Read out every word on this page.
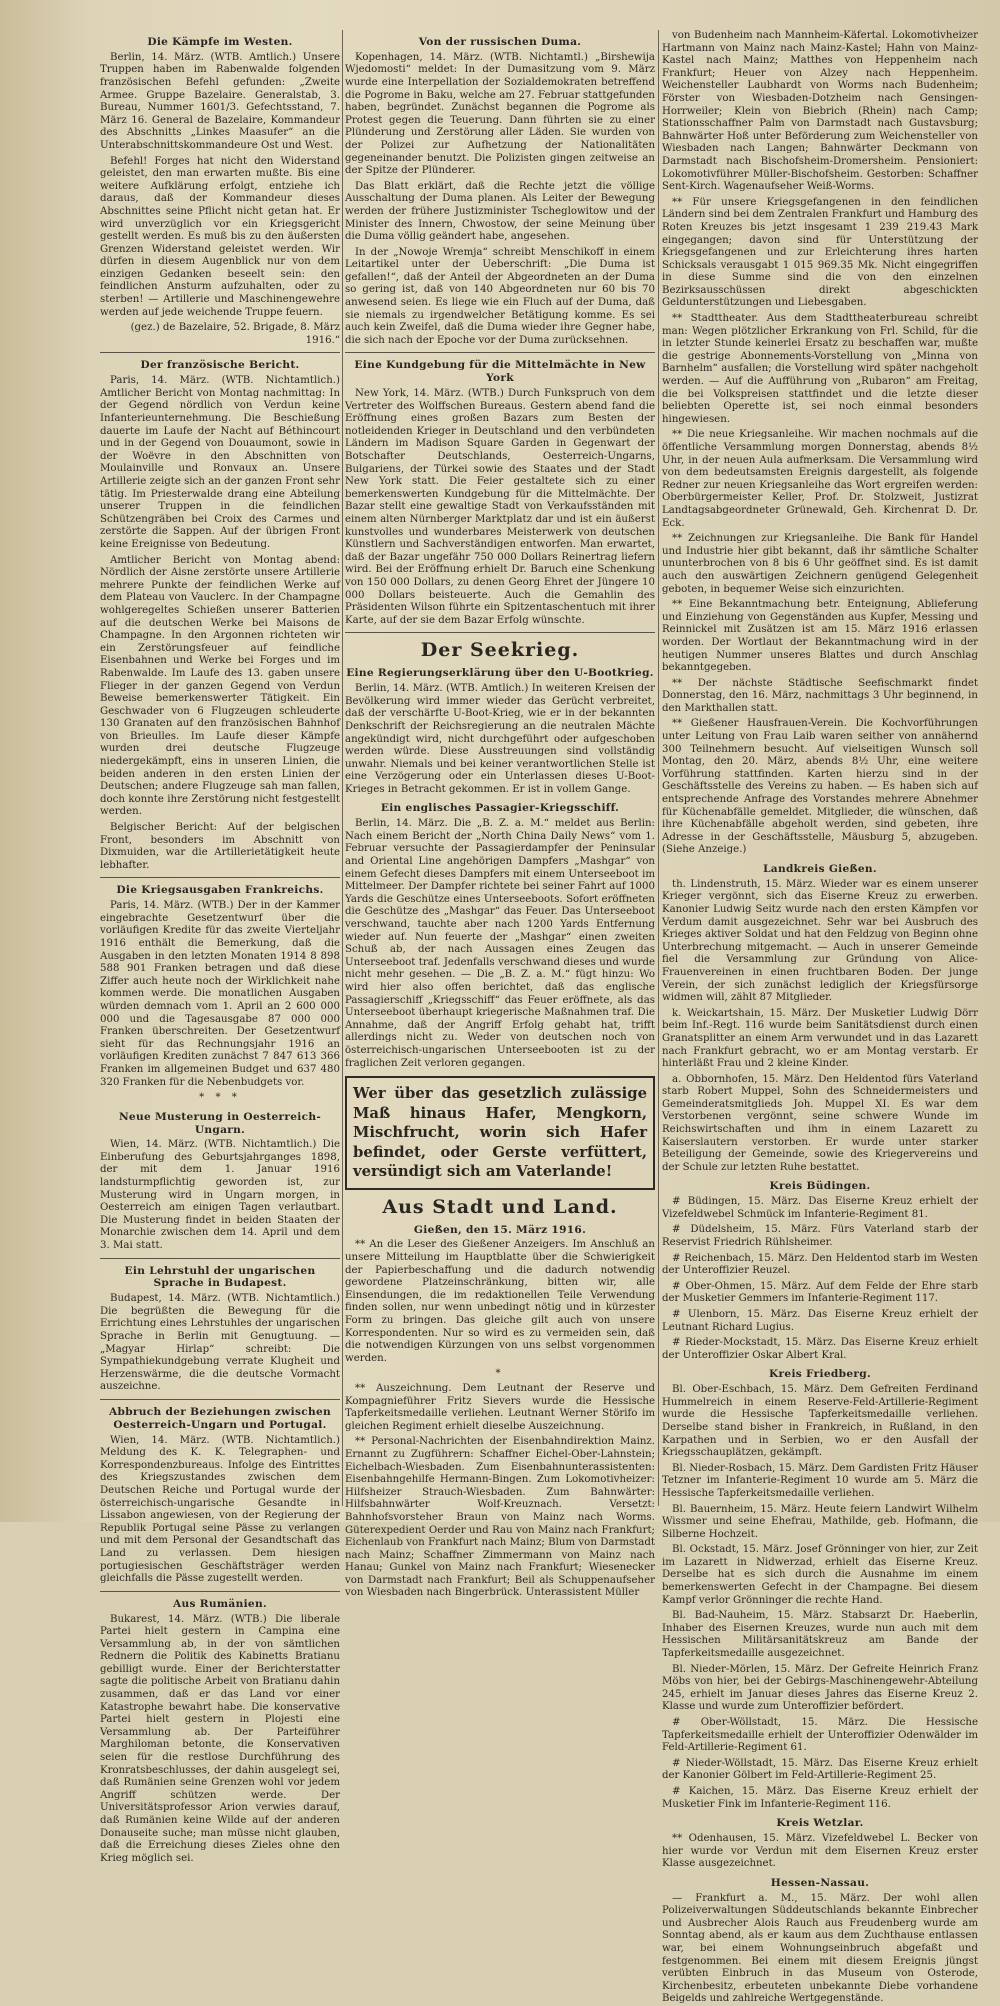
Die Kämpfe im Westen.

Berlin, 14. März. (WTB. Amtlich.) Unsere Truppen haben im Rabenwalde folgenden französischen Befehl gefunden: „Zweite Armee. Gruppe Bazelaire. Generalstab, 3. Bureau, Nummer 1601/3. Gefechtsstand, 7. März 16. General de Bazelaire, Kommandeur des Abschnitts „Linkes Maasufer“ an die Unterabschnittskommandeure Ost und West.

Befehl! Forges hat nicht den Widerstand geleistet, den man erwarten mußte. Bis eine weitere Aufklärung erfolgt, entziehe ich daraus, daß der Kommandeur dieses Abschnittes seine Pflicht nicht getan hat. Er wird unverzüglich vor ein Kriegsgericht gestellt werden. Es muß bis zu den äußersten Grenzen Widerstand geleistet werden. Wir dürfen in diesem Augenblick nur von dem einzigen Gedanken beseelt sein: den feindlichen Ansturm aufzuhalten, oder zu sterben! — Artillerie und Maschinengewehre werden auf jede weichende Truppe feuern.

(gez.) de Bazelaire, 52. Brigade, 8. März 1916.“
Der französische Bericht.

Paris, 14. März. (WTB. Nichtamtlich.) Amtlicher Bericht von Montag nachmittag: In der Gegend nördlich von Verdun keine Infanterieunternehmung. Die Beschießung dauerte im Laufe der Nacht auf Béthincourt und in der Gegend von Douaumont, sowie in der Woëvre in den Abschnitten von Moulainville und Ronvaux an. Unsere Artillerie zeigte sich an der ganzen Front sehr tätig. Im Priesterwalde drang eine Abteilung unserer Truppen in die feindlichen Schützengräben bei Croix des Carmes und zerstörte die Sappen. Auf der übrigen Front keine Ereignisse von Bedeutung.

Amtlicher Bericht von Montag abend: Nördlich der Aisne zerstörte unsere Artillerie mehrere Punkte der feindlichen Werke auf dem Plateau von Vauclerc. In der Champagne wohlgeregeltes Schießen unserer Batterien auf die deutschen Werke bei Maisons de Champagne. In den Argonnen richteten wir ein Zerstörungsfeuer auf feindliche Eisenbahnen und Werke bei Forges und im Rabenwalde. Im Laufe des 13. gaben unsere Flieger in der ganzen Gegend von Verdun Beweise bemerkenswerter Tätigkeit. Ein Geschwader von 6 Flugzeugen schleuderte 130 Granaten auf den französischen Bahnhof von Brieulles. Im Laufe dieser Kämpfe wurden drei deutsche Flugzeuge niedergekämpft, eins in unseren Linien, die beiden anderen in den ersten Linien der Deutschen; andere Flugzeuge sah man fallen, doch konnte ihre Zerstörung nicht festgestellt werden.

Belgischer Bericht: Auf der belgischen Front, besonders im Abschnitt von Dixmuiden, war die Artillerietätigkeit heute lebhafter.

Die Kriegsausgaben Frankreichs.

Paris, 14. März. (WTB.) Der in der Kammer eingebrachte Gesetzentwurf über die vorläufigen Kredite für das zweite Vierteljahr 1916 enthält die Bemerkung, daß die Ausgaben in den letzten Monaten 1914 8 898 588 901 Franken betragen und daß diese Ziffer auch heute noch der Wirklichkeit nahe kommen werde. Die monatlichen Ausgaben würden demnach vom 1. April an 2 600 000 000 und die Tagesausgabe 87 000 000 Franken überschreiten. Der Gesetzentwurf sieht für das Rechnungsjahr 1916 an vorläufigen Krediten zunächst 7 847 613 366 Franken im allgemeinen Budget und 637 480 320 Franken für die Nebenbudgets vor.

* * *
Neue Musterung in Oesterreich-Ungarn.

Wien, 14. März. (WTB. Nichtamtlich.) Die Einberufung des Geburtsjahrganges 1898, der mit dem 1. Januar 1916 landsturmpflichtig geworden ist, zur Musterung wird in Ungarn morgen, in Oesterreich am einigen Tagen verlautbart. Die Musterung findet in beiden Staaten der Monarchie zwischen dem 14. April und dem 3. Mai statt.

Ein Lehrstuhl der ungarischen Sprache in Budapest.

Budapest, 14. März. (WTB. Nichtamtlich.) Die begrüßten die Bewegung für die Errichtung eines Lehrstuhles der ungarischen Sprache in Berlin mit Genugtuung. — „Magyar Hirlap“ schreibt: Die Sympathiekundgebung verrate Klugheit und Herzenswärme, die die deutsche Vormacht auszeichne.

Abbruch der Beziehungen zwischen Oesterreich-Ungarn und Portugal.

Wien, 14. März. (WTB. Nichtamtlich.) Meldung des K. K. Telegraphen- und Korrespondenzbureaus. Infolge des Eintrittes des Kriegszustandes zwischen dem Deutschen Reiche und Portugal wurde der österreichisch-ungarische Gesandte in Lissabon angewiesen, von der Regierung der Republik Portugal seine Pässe zu verlangen und mit dem Personal der Gesandtschaft das Land zu verlassen. Dem hiesigen portugiesischen Geschäftsträger werden gleichfalls die Pässe zugestellt werden.

Aus Rumänien.

Bukarest, 14. März. (WTB.) Die liberale Partei hielt gestern in Campina eine Versammlung ab, in der von sämtlichen Rednern die Politik des Kabinetts Bratianu gebilligt wurde. Einer der Berichterstatter sagte die politische Arbeit von Bratianu dahin zusammen, daß er das Land vor einer Katastrophe bewahrt habe. Die konservative Partei hielt gestern in Plojesti eine Versammlung ab. Der Parteiführer Marghiloman betonte, die Konservativen seien für die restlose Durchführung des Kronratsbeschlusses, der dahin ausgelegt sei, daß Rumänien seine Grenzen wohl vor jedem Angriff schützen werde. Der Universitätsprofessor Arion verwies darauf, daß Rumänien keine Wilde auf der anderen Donauseite suche; man müsse nicht glauben, daß die Erreichung dieses Zieles ohne den Krieg möglich sei.

Von der russischen Duma.

Kopenhagen, 14. März. (WTB. Nichtamtl.) „Birshewija Wjedomosti“ meldet: In der Dumasitzung vom 9. März wurde eine Interpellation der Sozialdemokraten betreffend die Pogrome in Baku, welche am 27. Februar stattgefunden haben, begründet. Zunächst begannen die Pogrome als Protest gegen die Teuerung. Dann führten sie zu einer Plünderung und Zerstörung aller Läden. Sie wurden von der Polizei zur Aufhetzung der Nationalitäten gegeneinander benutzt. Die Polizisten gingen zeitweise an der Spitze der Plünderer.

Das Blatt erklärt, daß die Rechte jetzt die völlige Ausschaltung der Duma planen. Als Leiter der Bewegung werden der frühere Justizminister Tscheglowitow und der Minister des Innern, Chwostow, der seine Meinung über die Duma völlig geändert habe, angesehen.

In der „Nowoje Wremja“ schreibt Menschikoff in einem Leitartikel unter der Ueberschrift: „Die Duma ist gefallen!“, daß der Anteil der Abgeordneten an der Duma so gering ist, daß von 140 Abgeordneten nur 60 bis 70 anwesend seien. Es liege wie ein Fluch auf der Duma, daß sie niemals zu irgendwelcher Betätigung komme. Es sei auch kein Zweifel, daß die Duma wieder ihre Gegner habe, die sich nach der Epoche vor der Duma zurücksehnen.

Eine Kundgebung für die Mittelmächte in New York

New York, 14. März. (WTB.) Durch Funkspruch von dem Vertreter des Wolffschen Bureaus. Gestern abend fand die Eröffnung eines großen Bazars zum Besten der notleidenden Krieger in Deutschland und den verbündeten Ländern im Madison Square Garden in Gegenwart der Botschafter Deutschlands, Oesterreich-Ungarns, Bulgariens, der Türkei sowie des Staates und der Stadt New York statt. Die Feier gestaltete sich zu einer bemerkenswerten Kundgebung für die Mittelmächte. Der Bazar stellt eine gewaltige Stadt von Verkaufsständen mit einem alten Nürnberger Marktplatz dar und ist ein äußerst kunstvolles und wunderbares Meisterwerk von deutschen Künstlern und Sachverständigen entworfen. Man erwartet, daß der Bazar ungefähr 750 000 Dollars Reinertrag liefern wird. Bei der Eröffnung erhielt Dr. Baruch eine Schenkung von 150 000 Dollars, zu denen Georg Ehret der Jüngere 10 000 Dollars beisteuerte. Auch die Gemahlin des Präsidenten Wilson führte ein Spitzentaschentuch mit ihrer Karte, auf der sie dem Bazar Erfolg wünschte.

Der Seekrieg.
Eine Regierungserklärung über den U-Bootkrieg.

Berlin, 14. März. (WTB. Amtlich.) In weiteren Kreisen der Bevölkerung wird immer wieder das Gerücht verbreitet, daß der verschärfte U-Boot-Krieg, wie er in der bekannten Denkschrift der Reichsregierung an die neutralen Mächte angekündigt wird, nicht durchgeführt oder aufgeschoben werden würde. Diese Ausstreuungen sind vollständig unwahr. Niemals und bei keiner verantwortlichen Stelle ist eine Verzögerung oder ein Unterlassen dieses U-Boot-Krieges in Betracht gekommen. Er ist in vollem Gange.

Ein englisches Passagier-Kriegsschiff.

Berlin, 14. März. Die „B. Z. a. M.“ meldet aus Berlin: Nach einem Bericht der „North China Daily News“ vom 1. Februar versuchte der Passagierdampfer der Peninsular and Oriental Line angehörigen Dampfers „Mashgar“ von einem Gefecht dieses Dampfers mit einem Unterseeboot im Mittelmeer. Der Dampfer richtete bei seiner Fahrt auf 1000 Yards die Geschütze eines Unterseeboots. Sofort eröffneten die Geschütze des „Mashgar“ das Feuer. Das Unterseeboot verschwand, tauchte aber nach 1200 Yards Entfernung wieder auf. Nun feuerte der „Mashgar“ einen zweiten Schuß ab, der nach Aussagen eines Zeugen das Unterseeboot traf. Jedenfalls verschwand dieses und wurde nicht mehr gesehen. — Die „B. Z. a. M.“ fügt hinzu: Wo wird hier also offen berichtet, daß das englische Passagierschiff „Kriegsschiff“ das Feuer eröffnete, als das Unterseeboot überhaupt kriegerische Maßnahmen traf. Die Annahme, daß der Angriff Erfolg gehabt hat, trifft allerdings nicht zu. Weder von deutschen noch von österreichisch-ungarischen Unterseebooten ist zu der fraglichen Zeit verloren gegangen.

Wer über das gesetzlich zulässige Maß hinaus Hafer, Mengkorn, Mischfrucht, worin sich Hafer befindet, oder Gerste verfüttert, versündigt sich am Vaterlande!
Aus Stadt und Land.
Gießen, den 15. März 1916.

** An die Leser des Gießener Anzeigers. Im Anschluß an unsere Mitteilung im Hauptblatte über die Schwierigkeit der Papierbeschaffung und die dadurch notwendig gewordene Platzeinschränkung, bitten wir, alle Einsendungen, die im redaktionellen Teile Verwendung finden sollen, nur wenn unbedingt nötig und in kürzester Form zu bringen. Das gleiche gilt auch von unsere Korrespondenten. Nur so wird es zu vermeiden sein, daß die notwendigen Kürzungen von uns selbst vorgenommen werden.

*

** Auszeichnung. Dem Leutnant der Reserve und Kompagnieführer Fritz Sievers wurde die Hessische Tapferkeitsmedaille verliehen. Leutnant Werner Störifo im gleichen Regiment erhielt dieselbe Auszeichnung.

** Personal-Nachrichten der Eisenbahndirektion Mainz. Ernannt zu Zugführern: Schaffner Eichel-Ober-Lahnstein; Eichelbach-Wiesbaden. Zum Eisenbahnunterassistenten: Eisenbahngehilfe Hermann-Bingen. Zum Lokomotivheizer: Hilfsheizer Strauch-Wiesbaden. Zum Bahnwärter: Hilfsbahnwärter Wolf-Kreuznach. Versetzt: Bahnhofsvorsteher Braun von Mainz nach Worms. Güterexpedient Oerder und Rau von Mainz nach Frankfurt; Eichenlaub von Frankfurt nach Mainz; Blum von Darmstadt nach Mainz; Schaffner Zimmermann von Mainz nach Hanau; Gunkel von Mainz nach Frankfurt; Wiesenecker von Darmstadt nach Frankfurt; Beil als Schuppenaufseher von Wiesbaden nach Bingerbrück. Unterassistent Müller

von Budenheim nach Mannheim-Käfertal. Lokomotivheizer Hartmann von Mainz nach Mainz-Kastel; Hahn von Mainz-Kastel nach Mainz; Matthes von Heppenheim nach Frankfurt; Heuer von Alzey nach Heppenheim. Weichensteller Laubhardt von Worms nach Budenheim; Förster von Wiesbaden-Dotzheim nach Gensingen-Horrweiler; Klein von Biebrich (Rhein) nach Camp; Stationsschaffner Palm von Darmstadt nach Gustavsburg; Bahnwärter Hoß unter Beförderung zum Weichensteller von Wiesbaden nach Langen; Bahnwärter Deckmann von Darmstadt nach Bischofsheim-Dromersheim. Pensioniert: Lokomotivführer Müller-Bischofsheim. Gestorben: Schaffner Sent-Kirch. Wagenaufseher Weiß-Worms.

** Für unsere Kriegsgefangenen in den feindlichen Ländern sind bei dem Zentralen Frankfurt und Hamburg des Roten Kreuzes bis jetzt insgesamt 1 239 219.43 Mark eingegangen; davon sind für Unterstützung der Kriegsgefangenen und zur Erleichterung ihres harten Schicksals verausgabt 1 015 969.35 Mk. Nicht eingegriffen in diese Summe sind die von den einzelnen Bezirksausschüssen direkt abgeschickten Geldunterstützungen und Liebesgaben.

** Stadttheater. Aus dem Stadttheaterbureau schreibt man: Wegen plötzlicher Erkrankung von Frl. Schild, für die in letzter Stunde keinerlei Ersatz zu beschaffen war, mußte die gestrige Abonnements-Vorstellung von „Minna von Barnhelm“ ausfallen; die Vorstellung wird später nachgeholt werden. — Auf die Aufführung von „Rubaron“ am Freitag, die bei Volkspreisen stattfindet und die letzte dieser beliebten Operette ist, sei noch einmal besonders hingewiesen.

** Die neue Kriegsanleihe. Wir machen nochmals auf die öffentliche Versammlung morgen Donnerstag, abends 8½ Uhr, in der neuen Aula aufmerksam. Die Versammlung wird von dem bedeutsamsten Ereignis dargestellt, als folgende Redner zur neuen Kriegsanleihe das Wort ergreifen werden: Oberbürgermeister Keller, Prof. Dr. Stolzweit, Justizrat Landtagsabgeordneter Grünewald, Geh. Kirchenrat D. Dr. Eck.

** Zeichnungen zur Kriegsanleihe. Die Bank für Handel und Industrie hier gibt bekannt, daß ihr sämtliche Schalter ununterbrochen von 8 bis 6 Uhr geöffnet sind. Es ist damit auch den auswärtigen Zeichnern genügend Gelegenheit geboten, in bequemer Weise sich einzurichten.

** Eine Bekanntmachung betr. Enteignung, Ablieferung und Einziehung von Gegenständen aus Kupfer, Messing und Reinnickel mit Zusätzen ist am 15. März 1916 erlassen worden. Der Wortlaut der Bekanntmachung wird in der heutigen Nummer unseres Blattes und durch Anschlag bekanntgegeben.

** Der nächste Städtische Seefischmarkt findet Donnerstag, den 16. März, nachmittags 3 Uhr beginnend, in den Markthallen statt.

** Gießener Hausfrauen-Verein. Die Kochvorführungen unter Leitung von Frau Laib waren seither von annähernd 300 Teilnehmern besucht. Auf vielseitigen Wunsch soll Montag, den 20. März, abends 8½ Uhr, eine weitere Vorführung stattfinden. Karten hierzu sind in der Geschäftsstelle des Vereins zu haben. — Es haben sich auf entsprechende Anfrage des Vorstandes mehrere Abnehmer für Küchenabfälle gemeldet. Mitglieder, die wünschen, daß ihre Küchenabfälle abgeholt werden, sind gebeten, ihre Adresse in der Geschäftsstelle, Mäusburg 5, abzugeben. (Siehe Anzeige.)

Landkreis Gießen.

th. Lindenstruth, 15. März. Wieder war es einem unserer Krieger vergönnt, sich das Eiserne Kreuz zu erwerben. Kanonier Ludwig Seitz wurde nach den ersten Kämpfen vor Verdum damit ausgezeichnet. Sehr war bei Ausbruch des Krieges aktiver Soldat und hat den Feldzug von Beginn ohne Unterbrechung mitgemacht. — Auch in unserer Gemeinde fiel die Versammlung zur Gründung von Alice-Frauenvereinen in einen fruchtbaren Boden. Der junge Verein, der sich zunächst lediglich der Kriegsfürsorge widmen will, zählt 87 Mitglieder.

k. Weickartshain, 15. März. Der Musketier Ludwig Dörr beim Inf.-Regt. 116 wurde beim Sanitätsdienst durch einen Granatsplitter an einem Arm verwundet und in das Lazarett nach Frankfurt gebracht, wo er am Montag verstarb. Er hinterläßt Frau und 2 kleine Kinder.

a. Obbornhofen, 15. März. Den Heldentod fürs Vaterland starb Robert Muppel, Sohn des Schneidermeisters und Gemeinderatsmitglieds Joh. Muppel XI. Es war dem Verstorbenen vergönnt, seine schwere Wunde im Reichswirtschaften und ihm in einem Lazarett zu Kaiserslautern verstorben. Er wurde unter starker Beteiligung der Gemeinde, sowie des Kriegervereins und der Schule zur letzten Ruhe bestattet.

Kreis Büdingen.

# Büdingen, 15. März. Das Eiserne Kreuz erhielt der Vizefeldwebel Schmück im Infanterie-Regiment 81.

# Düdelsheim, 15. März. Fürs Vaterland starb der Reservist Friedrich Rühlsheimer.

# Reichenbach, 15. März. Den Heldentod starb im Westen der Unteroffizier Reuzel.

# Ober-Ohmen, 15. März. Auf dem Felde der Ehre starb der Musketier Gemmers im Infanterie-Regiment 117.

# Ulenborn, 15. März. Das Eiserne Kreuz erhielt der Leutnant Richard Lugius.

# Rieder-Mockstadt, 15. März. Das Eiserne Kreuz erhielt der Unteroffizier Oskar Albert Kral.

Kreis Friedberg.

Bl. Ober-Eschbach, 15. März. Dem Gefreiten Ferdinand Hummelreich in einem Reserve-Feld-Artillerie-Regiment wurde die Hessische Tapferkeitsmedaille verliehen. Derselbe stand bisher in Frankreich, in Rußland, in den Karpathen und in Serbien, wo er den Ausfall der Kriegsschauplätzen, gekämpft.

Bl. Nieder-Rosbach, 15. März. Dem Gardisten Fritz Häuser Tetzner im Infanterie-Regiment 10 wurde am 5. März die Hessische Tapferkeitsmedaille verliehen.

Bl. Bauernheim, 15. März. Heute feiern Landwirt Wilhelm Wissmer und seine Ehefrau, Mathilde, geb. Hofmann, die Silberne Hochzeit.

Bl. Ockstadt, 15. März. Josef Grönninger von hier, zur Zeit im Lazarett in Nidwerzad, erhielt das Eiserne Kreuz. Derselbe hat es sich durch die Ausnahme im einem bemerkenswerten Gefecht in der Champagne. Bei diesem Kampf verlor Grönninger die rechte Hand.

Bl. Bad-Nauheim, 15. März. Stabsarzt Dr. Haeberlin, Inhaber des Eisernen Kreuzes, wurde nun auch mit dem Hessischen Militärsanitätskreuz am Bande der Tapferkeitsmedaille ausgezeichnet.

Bl. Nieder-Mörlen, 15. März. Der Gefreite Heinrich Franz Möbs von hier, bei der Gebirgs-Maschinengewehr-Abteilung 245, erhielt im Januar dieses Jahres das Eiserne Kreuz 2. Klasse und wurde zum Unteroffizier befördert.

# Ober-Wöllstadt, 15. März. Die Hessische Tapferkeitsmedaille erhielt der Unteroffizier Odenwälder im Feld-Artillerie-Regiment 61.

# Nieder-Wöllstadt, 15. März. Das Eiserne Kreuz erhielt der Kanonier Gölbert im Feld-Artillerie-Regiment 25.

# Kaichen, 15. März. Das Eiserne Kreuz erhielt der Musketier Fink im Infanterie-Regiment 116.

Kreis Wetzlar.

** Odenhausen, 15. März. Vizefeldwebel L. Becker von hier wurde vor Verdun mit dem Eisernen Kreuz erster Klasse ausgezeichnet.

Hessen-Nassau.

— Frankfurt a. M., 15. März. Der wohl allen Polizeiverwaltungen Süddeutschlands bekannte Einbrecher und Ausbrecher Alois Rauch aus Freudenberg wurde am Sonntag abend, als er kaum aus dem Zuchthause entlassen war, bei einem Wohnungseinbruch abgefaßt und festgenommen. Bei einem mit diesem Ereignis jüngst verübten Einbruch in das Museum von Osterode, Kirchenbesitz, erbeuteten unbekannte Diebe vorhandene Beigelds und zahlreiche Wertgegenstände.
